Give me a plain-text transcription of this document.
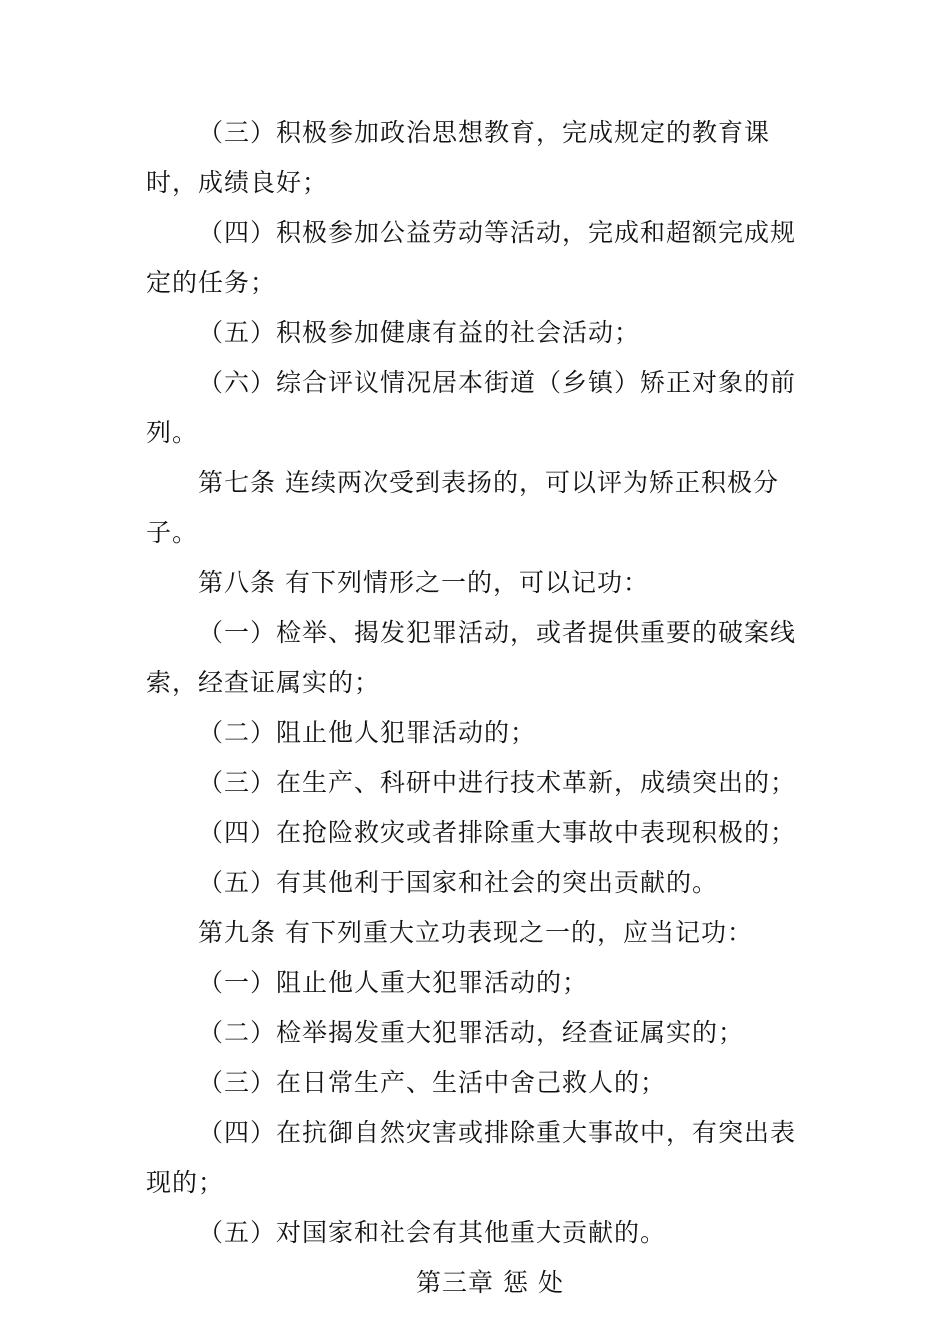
（三）积极参加政治思想教育，完成规定的教育课时，成绩良好；

（四）积极参加公益劳动等活动，完成和超额完成规定的任务；

（五）积极参加健康有益的社会活动；

（六）综合评议情况居本街道（乡镇）矫正对象的前列。

第七条 连续两次受到表扬的，可以评为矫正积极分子。

第八条 有下列情形之一的，可以记功：

（一）检举、揭发犯罪活动，或者提供重要的破案线索，经查证属实的；

（二）阻止他人犯罪活动的；

（三）在生产、科研中进行技术革新，成绩突出的；

（四）在抢险救灾或者排除重大事故中表现积极的；

（五）有其他利于国家和社会的突出贡献的。

第九条 有下列重大立功表现之一的，应当记功：

（一）阻止他人重大犯罪活动的；

（二）检举揭发重大犯罪活动，经查证属实的；

（三）在日常生产、生活中舍己救人的；

（四）在抗御自然灾害或排除重大事故中，有突出表现的；

（五）对国家和社会有其他重大贡献的。

第三章 惩 处
